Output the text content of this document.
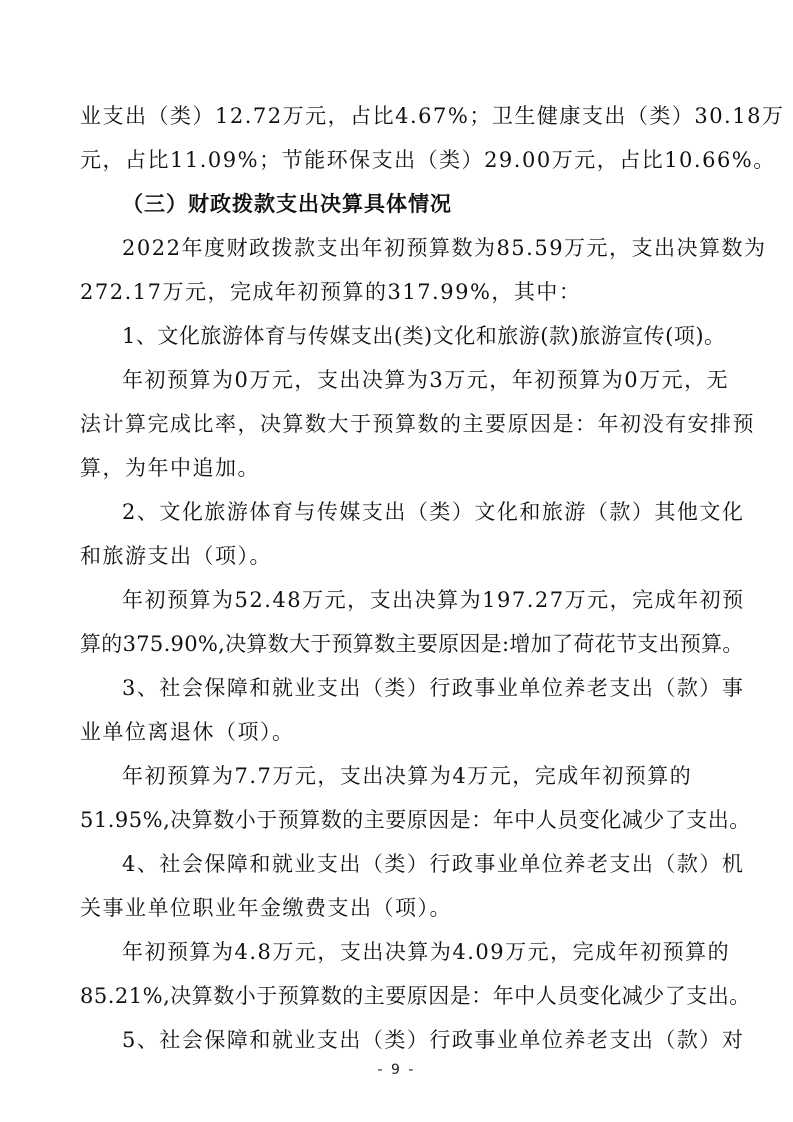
业支出（类）12.72万元，占比4.67%；卫生健康支出（类）30.18万
元，占比11.09%；节能环保支出（类）29.00万元，占比10.66%。
（三）财政拨款支出决算具体情况
2022年度财政拨款支出年初预算数为85.59万元，支出决算数为
272.17万元，完成年初预算的317.99%，其中：
1、文化旅游体育与传媒支出(类)文化和旅游(款)旅游宣传(项)。
年初预算为0万元，支出决算为3万元，年初预算为0万元，无
法计算完成比率，决算数大于预算数的主要原因是：年初没有安排预
算，为年中追加。
2、文化旅游体育与传媒支出（类）文化和旅游（款）其他文化
和旅游支出（项）。
年初预算为52.48万元，支出决算为197.27万元，完成年初预
算的375.90%,决算数大于预算数主要原因是:增加了荷花节支出预算。
3、社会保障和就业支出（类）行政事业单位养老支出（款）事
业单位离退休（项）。
年初预算为7.7万元，支出决算为4万元，完成年初预算的
51.95%,决算数小于预算数的主要原因是：年中人员变化减少了支出。
4、社会保障和就业支出（类）行政事业单位养老支出（款）机
关事业单位职业年金缴费支出（项）。
年初预算为4.8万元，支出决算为4.09万元，完成年初预算的
85.21%,决算数小于预算数的主要原因是：年中人员变化减少了支出。
5、社会保障和就业支出（类）行政事业单位养老支出（款）对
- 9 -
